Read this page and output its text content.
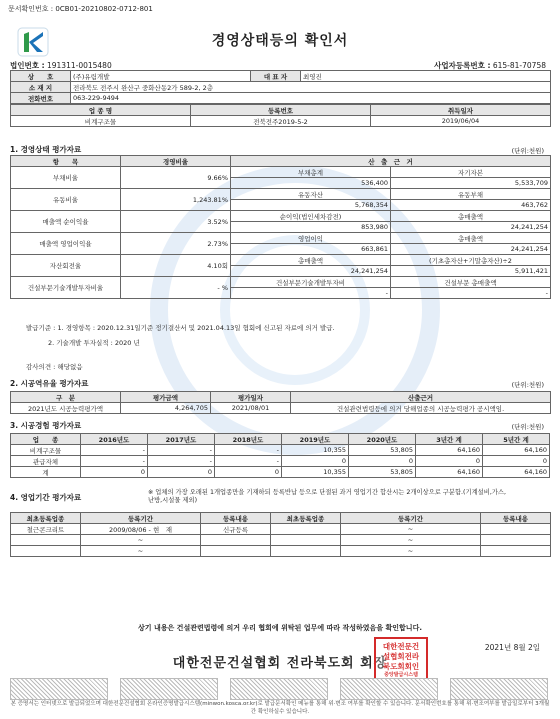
문서확인번호 : 0CB01-20210802-0712-801
경영상태등의 확인서
법인번호 : 191311-0015480	사업자등록번호 : 615-81-70758
상　　호	(주)유림개발	대 표 자	최영진
소 재 지	전라북도 전주시 완산구 중화산동2가 589-2, 2층		
전화번호	063-229-9494		
업 종 명	등록번호	취득일자
비계구조물	전북전주2019-5-2	2019/06/04
1. 경영상태 평가자료	(단위:천원)
항　　목	경영비율	산　출　근　거	
부채비율	9.66%	부채총계	자기자본
		536,400	5,533,709
유동비율	1,243.81%	유동자산	유동부채
		5,768,354	463,762
매출액 순이익율	3.52%	순이익(법인세차감전)	총매출액
		853,980	24,241,254
매출액 영업이익율	2.73%	영업이익	총매출액
		663,861	24,241,254
자산회전율	4.10회	총매출액	(기초총자산+기말총자산)÷2
		24,241,254	5,911,421
건설부문기술개발투자비율	- %	건설부문기술개발투자비	건설부문 총매출액
		-	-
발급기준 : 1. 경영항목 : 2020.12.31일기준 정기결산서 및 2021.04.13일 협회에 신고된 자료에 의거 발급.
2. 기술개발 투자실적 : 2020 년
감사의견 : 해당없음
2. 시공역유율 평가자료	(단위:천원)
구　분	평가금액	평가일자	산출근거
2021년도 시공능력평가액	4,264,705	2021/08/01	건설관련법령등에 의거 당해업종의 시공능력평가 공시액임.
3. 시공경험 평가자료	(단위:천원)
업　　종	2016년도	2017년도	2018년도	2019년도	2020년도	3년간 계	5년간 계
비계구조물	-	-	-	10,355	53,805	64,160	64,160
관급자체	-	-	-	0	0	0	0
계	0	0	0	10,355	53,805	64,160	64,160
4. 영업기간 평가자료
※ 업체의 가장 오래된 1개업종만을 기재하되 등록반납 등으로 단절된 과거 영업기간 합산시는 2개이상으로 구분함.(기계설비,가스,난방,시설물 제외)
최초등록업종	등록기간	등록내용	최초등록업종	등록기간	등록내용
철근콘크리트	2009/08/06 - 현　재	신규등록		~	
	~			~	
	~			~	
상기 내용은 건설관련법령에 의거 우리 협회에 위탁된 업무에 따라 작성하였음을 확인합니다.
2021년 8월 2일
대한전문건설협회 전라북도회 회장
대한전문건
설협회전라
북도회회인
중앙발급시스템
본 증명서는 인터넷으로 발급되었으며 대한전문건설협회 온라인증명발급시스템(minwon.kosca.or.kr)로 발급문서확인 메뉴를 통해 위·변조 여부를 확인할 수 있습니다. 문서확인번호를 통해 위·변조여부를 발급일로부터 3개월간 확인하실수 있습니다.
